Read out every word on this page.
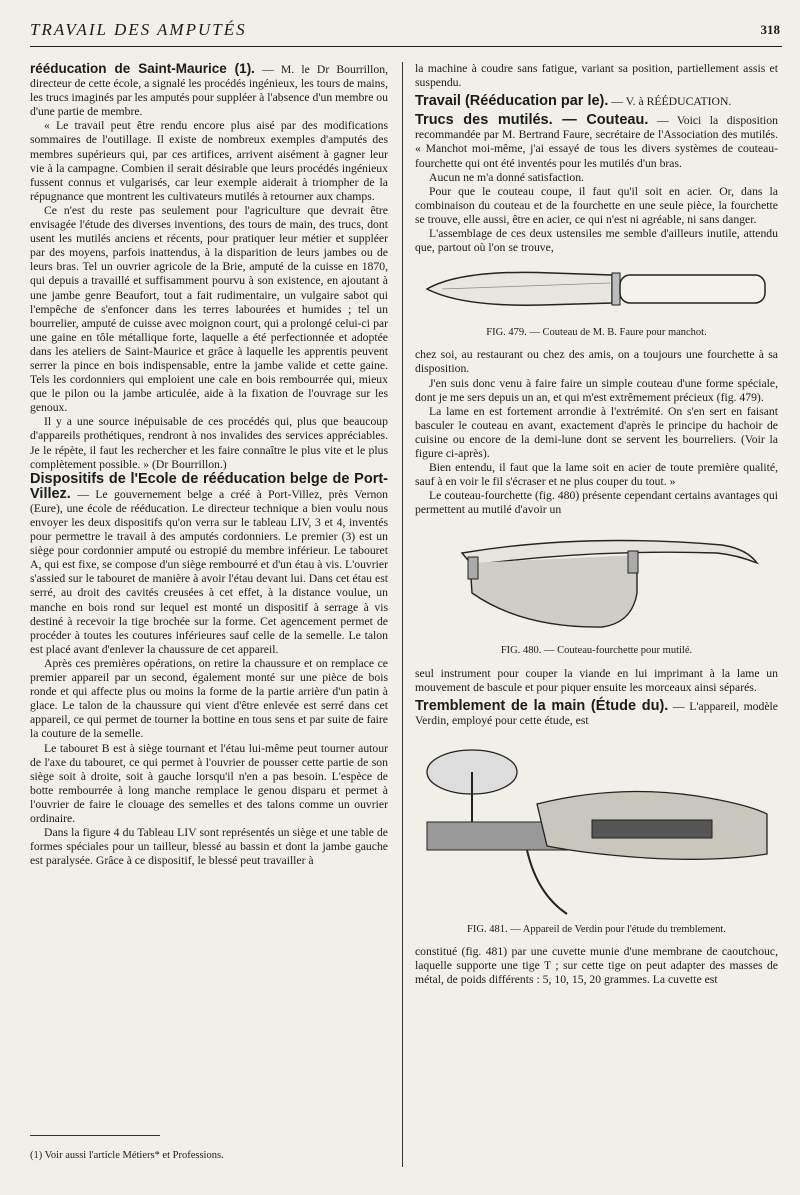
TRAVAIL DES AMPUTÉS	318

rééducation de Saint-Maurice (1). — M. le Dr Bourrillon, directeur de cette école, a signalé les procédés ingénieux, les tours de mains, les trucs imaginés par les amputés pour suppléer à l'absence d'un membre ou d'une partie de membre.

« Le travail peut être rendu encore plus aisé par des modifications sommaires de l'outillage. Il existe de nombreux exemples d'amputés des membres supérieurs qui, par ces artifices, arrivent aisément à gagner leur vie à la campagne. Combien il serait désirable que leurs procédés ingénieux fussent connus et vulgarisés, car leur exemple aiderait à triompher de la répugnance que montrent les cultivateurs mutilés à retourner aux champs.

Ce n'est du reste pas seulement pour l'agriculture que devrait être envisagée l'étude des diverses inventions, des tours de main, des trucs, dont usent les mutilés anciens et récents, pour pratiquer leur métier et suppléer par des moyens, parfois inattendus, à la disparition de leurs jambes ou de leurs bras. Tel un ouvrier agricole de la Brie, amputé de la cuisse en 1870, qui depuis a travaillé et suffisamment pourvu à son existence, en ajoutant à une jambe genre Beaufort, tout a fait rudimentaire, un vulgaire sabot qui l'empêche de s'enfoncer dans les terres labourées et humides ; tel un bourrelier, amputé de cuisse avec moignon court, qui a prolongé celui-ci par une gaine en tôle métallique forte, laquelle a été perfectionnée et adoptée dans les ateliers de Saint-Maurice et grâce à laquelle les apprentis peuvent serrer la pince en bois indispensable, entre la jambe valide et cette gaine. Tels les cordonniers qui emploient une cale en bois rembourrée qui, mieux que le pilon ou la jambe articulée, aide à la fixation de l'ouvrage sur les genoux.

Il y a une source inépuisable de ces procédés qui, plus que beaucoup d'appareils prothétiques, rendront à nos invalides des services appréciables. Je le répète, il faut les rechercher et les faire connaître le plus vite et le plus complètement possible. » (Dr Bourrillon.)

Dispositifs de l'Ecole de rééducation belge de Port-Villez. — Le gouvernement belge a créé à Port-Villez, près Vernon (Eure), une école de rééducation. Le directeur technique a bien voulu nous envoyer les deux dispositifs qu'on verra sur le tableau LIV, 3 et 4, inventés pour permettre le travail à des amputés cordonniers. Le premier (3) est un siège pour cordonnier amputé ou estropié du membre inférieur. Le tabouret A, qui est fixe, se compose d'un siège rembourré et d'un étau à vis. L'ouvrier s'assied sur le tabouret de manière à avoir l'étau devant lui. Dans cet étau est serré, au droit des cavités creusées à cet effet, à la distance voulue, un manche en bois rond sur lequel est monté un dispositif à serrage à vis destiné à recevoir la tige brochée sur la forme. Cet agencement permet de procéder à toutes les coutures inférieures sauf celle de la semelle. Le talon est placé avant d'enlever la chaussure de cet appareil.

Après ces premières opérations, on retire la chaussure et on remplace ce premier appareil par un second, également monté sur une pièce de bois ronde et qui affecte plus ou moins la forme de la partie arrière d'un patin à glace. Le talon de la chaussure qui vient d'être enlevée est serré dans cet appareil, ce qui permet de tourner la bottine en tous sens et par suite de faire la couture de la semelle.

Le tabouret B est à siège tournant et l'étau lui-même peut tourner autour de l'axe du tabouret, ce qui permet à l'ouvrier de pousser cette partie de son siège soit à droite, soit à gauche lorsqu'il n'en a pas besoin. L'espèce de botte rembourrée à long manche remplace le genou disparu et permet à l'ouvrier de faire le clouage des semelles et des talons comme un ouvrier ordinaire.

Dans la figure 4 du Tableau LIV sont représentés un siège et une table de formes spéciales pour un tailleur, blessé au bassin et dont la jambe gauche est paralysée. Grâce à ce dispositif, le blessé peut travailler à

la machine à coudre sans fatigue, variant sa position, partiellement assis et suspendu.

Travail (Rééducation par le). — V. à RÉÉDUCATION.

Trucs des mutilés. — Couteau. — Voici la disposition recommandée par M. Bertrand Faure, secrétaire de l'Association des mutilés. « Manchot moi-même, j'ai essayé de tous les divers systèmes de couteau-fourchette qui ont été inventés pour les mutilés d'un bras.

Aucun ne m'a donné satisfaction.

Pour que le couteau coupe, il faut qu'il soit en acier. Or, dans la combinaison du couteau et de la fourchette en une seule pièce, la fourchette se trouve, elle aussi, être en acier, ce qui n'est ni agréable, ni sans danger.

L'assemblage de ces deux ustensiles me semble d'ailleurs inutile, attendu que, partout où l'on se trouve,

FIG. 479. — Couteau de M. B. Faure pour manchot.

chez soi, au restaurant ou chez des amis, on a toujours une fourchette à sa disposition.

J'en suis donc venu à faire faire un simple couteau d'une forme spéciale, dont je me sers depuis un an, et qui m'est extrêmement précieux (fig. 479).

La lame en est fortement arrondie à l'extrémité. On s'en sert en faisant basculer le couteau en avant, exactement d'après le principe du hachoir de cuisine ou encore de la demi-lune dont se servent les bourreliers. (Voir la figure ci-après).

Bien entendu, il faut que la lame soit en acier de toute première qualité, sauf à en voir le fil s'écraser et ne plus couper du tout. »

Le couteau-fourchette (fig. 480) présente cependant certains avantages qui permettent au mutilé d'avoir un

FIG. 480. — Couteau-fourchette pour mutilé.

seul instrument pour couper la viande en lui imprimant à la lame un mouvement de bascule et pour piquer ensuite les morceaux ainsi séparés.

Tremblement de la main (Étude du). — L'appareil, modèle Verdin, employé pour cette étude, est

FIG. 481. — Appareil de Verdin pour l'étude du tremblement.

constitué (fig. 481) par une cuvette munie d'une membrane de caoutchouc, laquelle supporte une tige T ; sur cette tige on peut adapter des masses de métal, de poids différents : 5, 10, 15, 20 grammes. La cuvette est

(1) Voir aussi l'article Métiers* et Professions.
